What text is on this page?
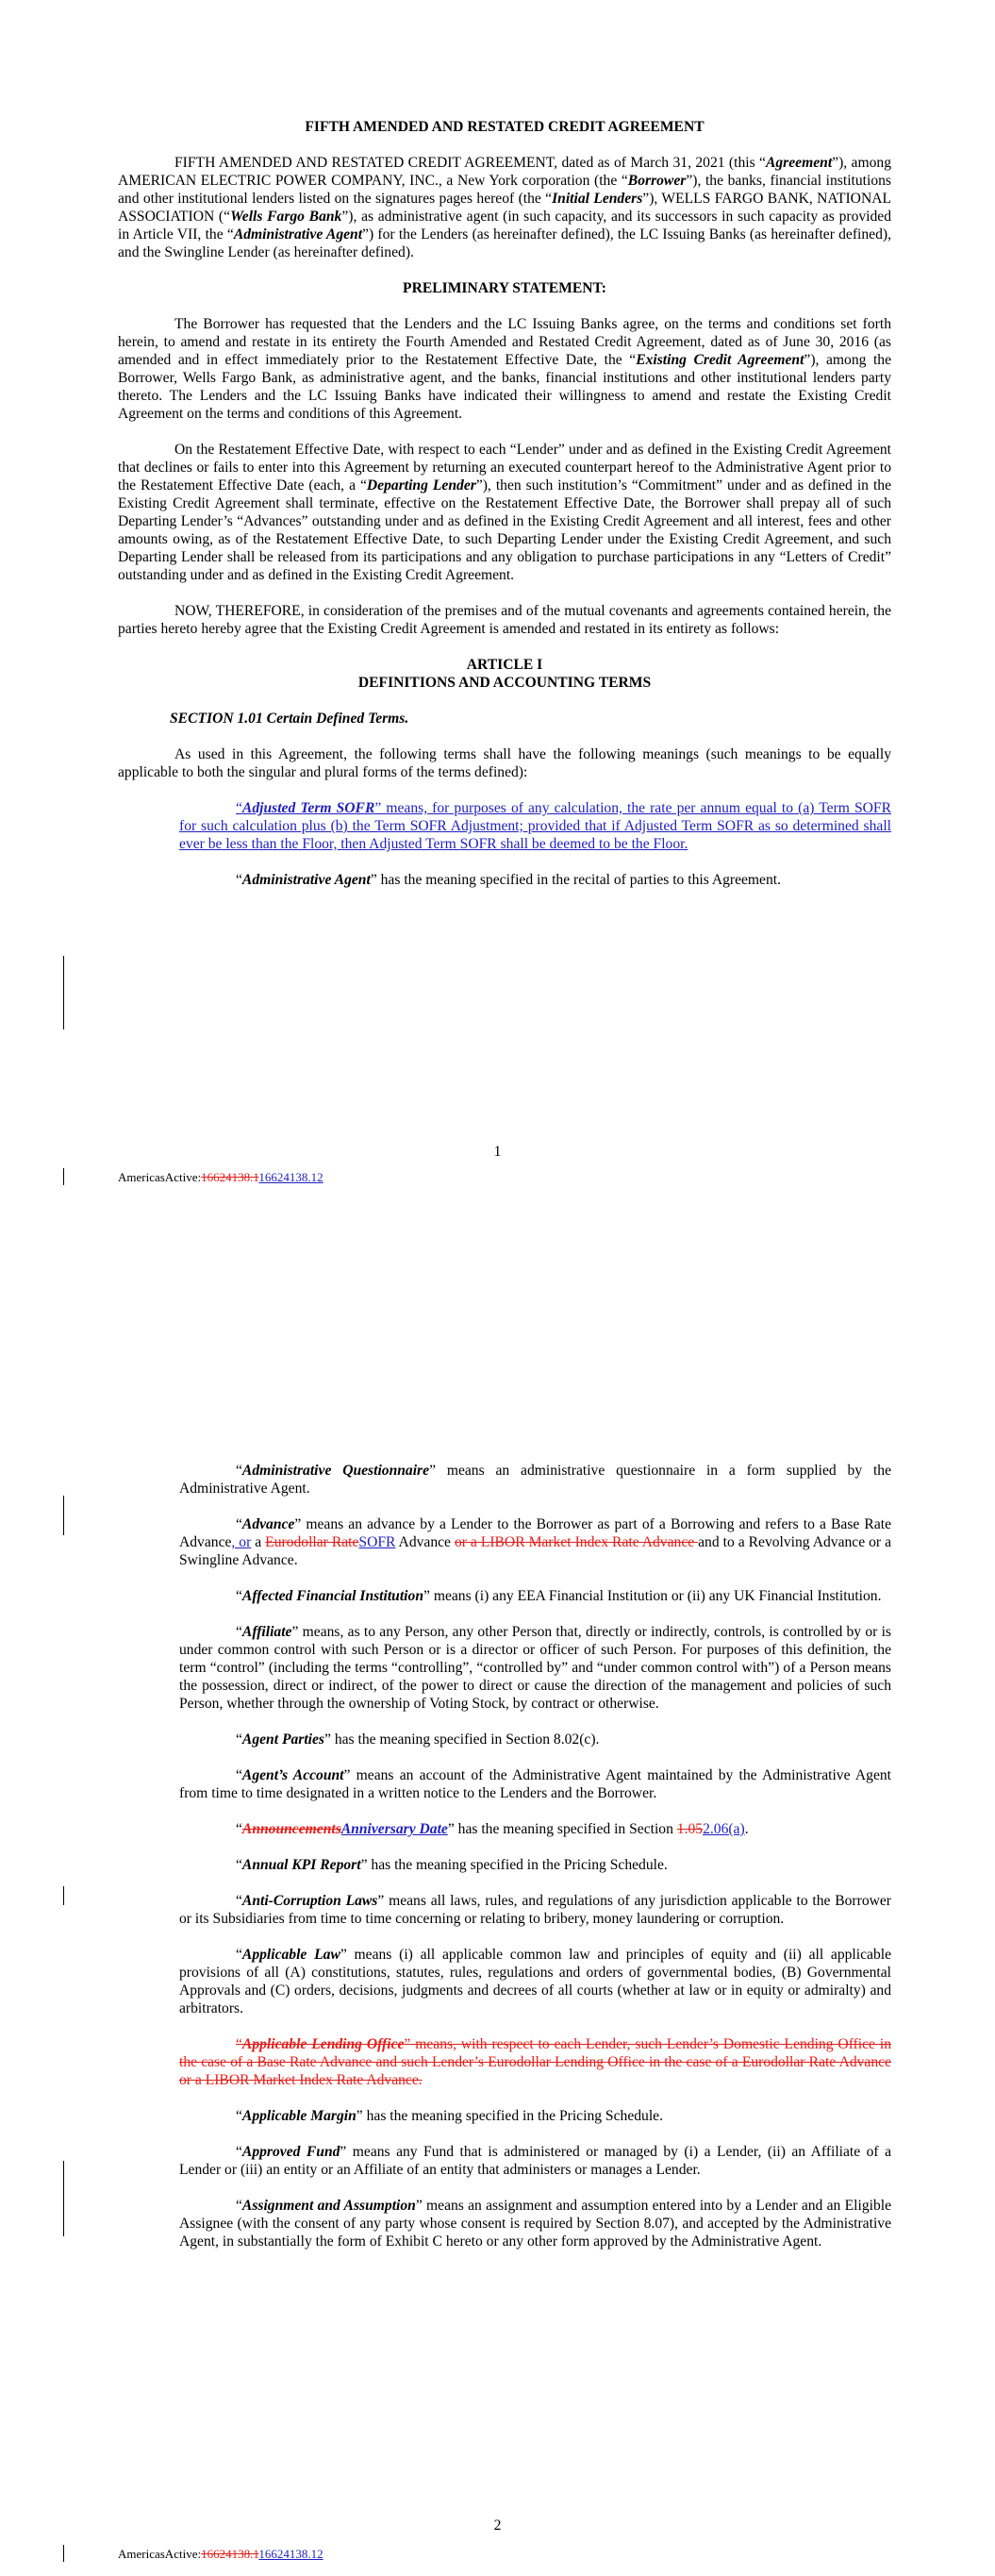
FIFTH AMENDED AND RESTATED CREDIT AGREEMENT

FIFTH AMENDED AND RESTATED CREDIT AGREEMENT, dated as of March 31, 2021 (this “Agreement”), among AMERICAN ELECTRIC POWER COMPANY, INC., a New York corporation (the “Borrower”), the banks, financial institutions and other institutional lenders listed on the signatures pages hereof (the “Initial Lenders”), WELLS FARGO BANK, NATIONAL ASSOCIATION (“Wells Fargo Bank”), as administrative agent (in such capacity, and its successors in such capacity as provided in Article VII, the “Administrative Agent”) for the Lenders (as hereinafter defined), the LC Issuing Banks (as hereinafter defined), and the Swingline Lender (as hereinafter defined).

PRELIMINARY STATEMENT:

The Borrower has requested that the Lenders and the LC Issuing Banks agree, on the terms and conditions set forth herein, to amend and restate in its entirety the Fourth Amended and Restated Credit Agreement, dated as of June 30, 2016 (as amended and in effect immediately prior to the Restatement Effective Date, the “Existing Credit Agreement”), among the Borrower, Wells Fargo Bank, as administrative agent, and the banks, financial institutions and other institutional lenders party thereto. The Lenders and the LC Issuing Banks have indicated their willingness to amend and restate the Existing Credit Agreement on the terms and conditions of this Agreement.

On the Restatement Effective Date, with respect to each “Lender” under and as defined in the Existing Credit Agreement that declines or fails to enter into this Agreement by returning an executed counterpart hereof to the Administrative Agent prior to the Restatement Effective Date (each, a “Departing Lender”), then such institution’s “Commitment” under and as defined in the Existing Credit Agreement shall terminate, effective on the Restatement Effective Date, the Borrower shall prepay all of such Departing Lender’s “Advances” outstanding under and as defined in the Existing Credit Agreement and all interest, fees and other amounts owing, as of the Restatement Effective Date, to such Departing Lender under the Existing Credit Agreement, and such Departing Lender shall be released from its participations and any obligation to purchase participations in any “Letters of Credit” outstanding under and as defined in the Existing Credit Agreement.

NOW, THEREFORE, in consideration of the premises and of the mutual covenants and agreements contained herein, the parties hereto hereby agree that the Existing Credit Agreement is amended and restated in its entirety as follows:

ARTICLE I

DEFINITIONS AND ACCOUNTING TERMS

SECTION 1.01 Certain Defined Terms.

As used in this Agreement, the following terms shall have the following meanings (such meanings to be equally applicable to both the singular and plural forms of the terms defined):

“Adjusted Term SOFR” means, for purposes of any calculation, the rate per annum equal to (a) Term SOFR for such calculation plus (b) the Term SOFR Adjustment; provided that if Adjusted Term SOFR as so determined shall ever be less than the Floor, then Adjusted Term SOFR shall be deemed to be the Floor.

“Administrative Agent” has the meaning specified in the recital of parties to this Agreement.

1
AmericasActive:16624138.116624138.12

“Administrative Questionnaire” means an administrative questionnaire in a form supplied by the Administrative Agent.

“Advance” means an advance by a Lender to the Borrower as part of a Borrowing and refers to a Base Rate Advance, or a Eurodollar RateSOFR Advance or a LIBOR Market Index Rate Advance and to a Revolving Advance or a Swingline Advance.

“Affected Financial Institution” means (i) any EEA Financial Institution or (ii) any UK Financial Institution.

“Affiliate” means, as to any Person, any other Person that, directly or indirectly, controls, is controlled by or is under common control with such Person or is a director or officer of such Person. For purposes of this definition, the term “control” (including the terms “controlling”, “controlled by” and “under common control with”) of a Person means the possession, direct or indirect, of the power to direct or cause the direction of the management and policies of such Person, whether through the ownership of Voting Stock, by contract or otherwise.

“Agent Parties” has the meaning specified in Section 8.02(c).

“Agent’s Account” means an account of the Administrative Agent maintained by the Administrative Agent from time to time designated in a written notice to the Lenders and the Borrower.

“AnnouncementsAnniversary Date” has the meaning specified in Section 1.052.06(a).

“Annual KPI Report” has the meaning specified in the Pricing Schedule.

“Anti-Corruption Laws” means all laws, rules, and regulations of any jurisdiction applicable to the Borrower or its Subsidiaries from time to time concerning or relating to bribery, money laundering or corruption.

“Applicable Law” means (i) all applicable common law and principles of equity and (ii) all applicable provisions of all (A) constitutions, statutes, rules, regulations and orders of governmental bodies, (B) Governmental Approvals and (C) orders, decisions, judgments and decrees of all courts (whether at law or in equity or admiralty) and arbitrators.

“Applicable Lending Office” means, with respect to each Lender, such Lender’s Domestic Lending Office in the case of a Base Rate Advance and such Lender’s Eurodollar Lending Office in the case of a Eurodollar Rate Advance or a LIBOR Market Index Rate Advance.

“Applicable Margin” has the meaning specified in the Pricing Schedule.

“Approved Fund” means any Fund that is administered or managed by (i) a Lender, (ii) an Affiliate of a Lender or (iii) an entity or an Affiliate of an entity that administers or manages a Lender.

“Assignment and Assumption” means an assignment and assumption entered into by a Lender and an Eligible Assignee (with the consent of any party whose consent is required by Section 8.07), and accepted by the Administrative Agent, in substantially the form of Exhibit C hereto or any other form approved by the Administrative Agent.

2
AmericasActive:16624138.116624138.12
